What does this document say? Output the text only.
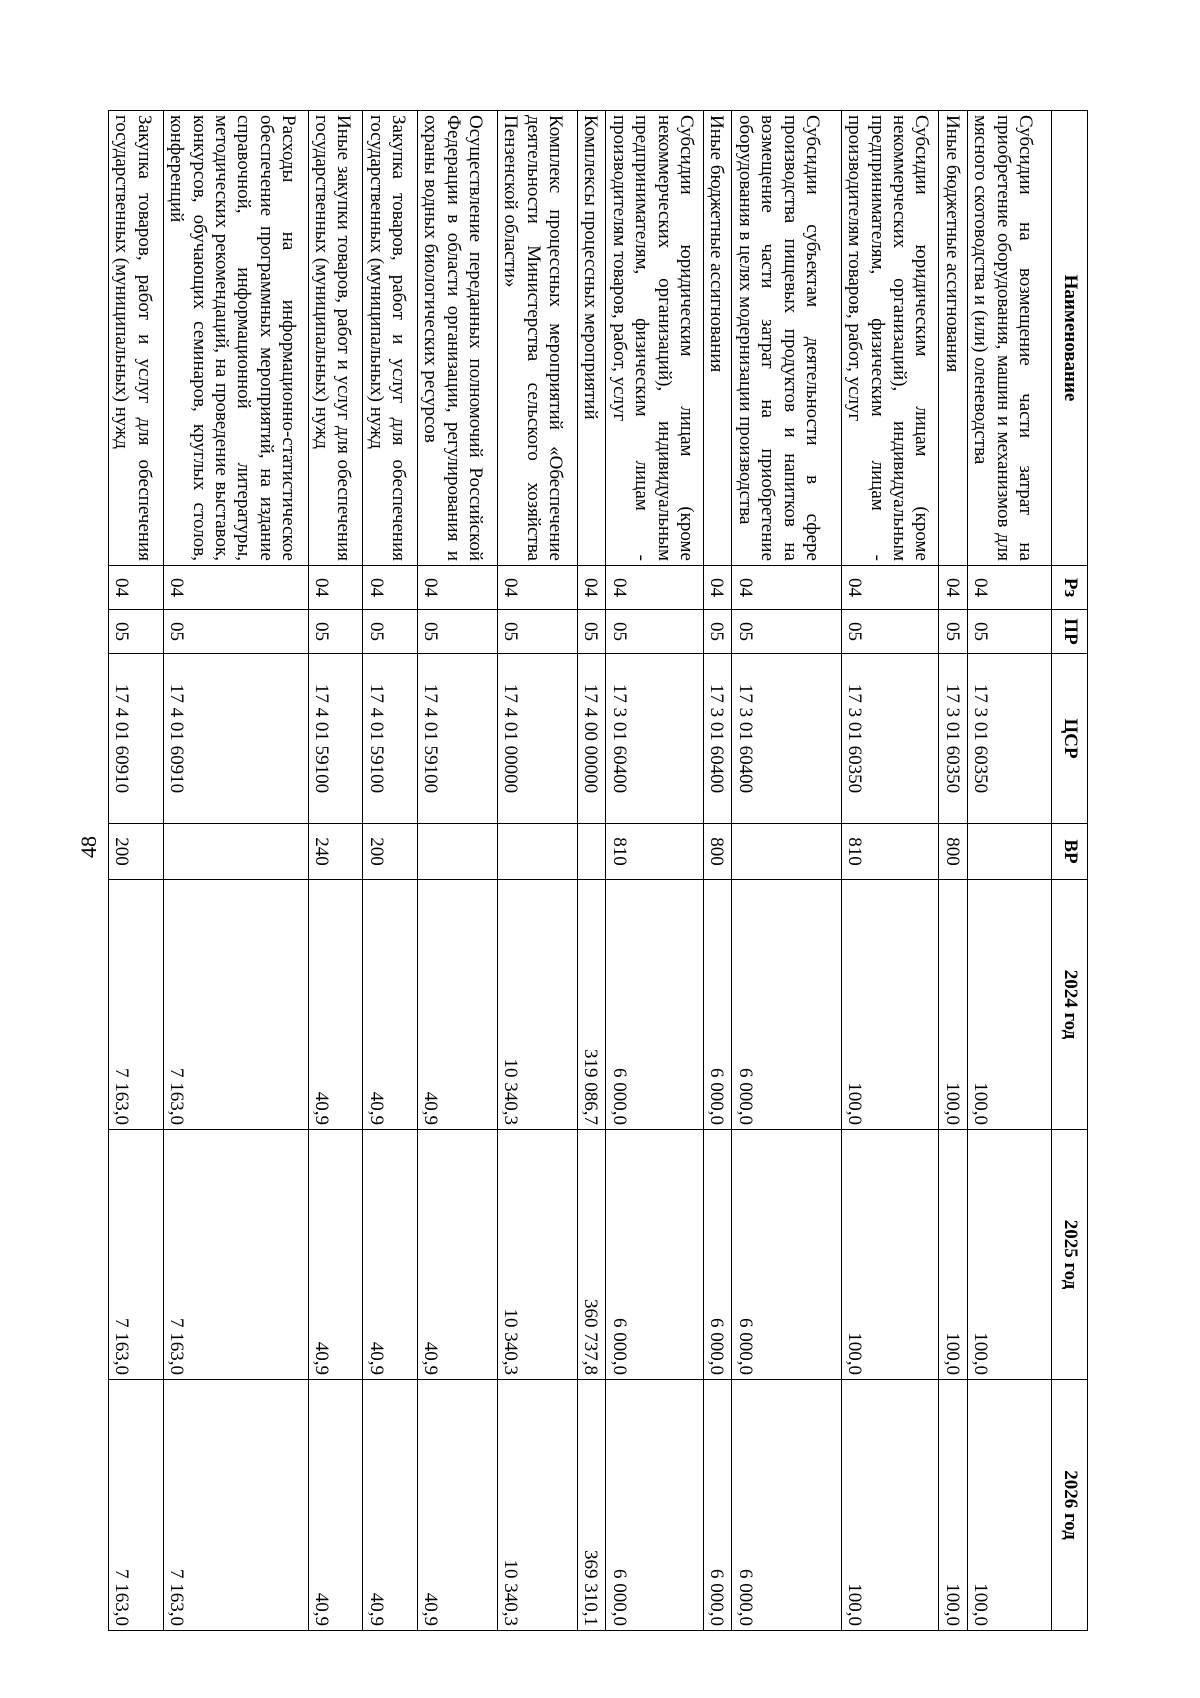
48
Наименование	Рз	ПР	ЦСР	ВР	2024 год	2025 год	2026 год
Субсидии на возмещение части затрат на приобретение оборудования, машин и механизмов для мясного скотоводства и (или) оленеводства	04	05	17 3 01 60350		100,0	100,0	100,0
Иные бюджетные ассигнования	04	05	17 3 01 60350	800	100,0	100,0	100,0
Субсидии юридическим лицам (кроме некоммерческих организаций), индивидуальным предпринимателям, физическим лицам - производителям товаров, работ, услуг	04	05	17 3 01 60350	810	100,0	100,0	100,0
Субсидии субъектам деятельности в сфере производства пищевых продуктов и напитков на возмещение части затрат на приобретение оборудования в целях модернизации производства	04	05	17 3 01 60400		6 000,0	6 000,0	6 000,0
Иные бюджетные ассигнования	04	05	17 3 01 60400	800	6 000,0	6 000,0	6 000,0
Субсидии юридическим лицам (кроме некоммерческих организаций), индивидуальным предпринимателям, физическим лицам - производителям товаров, работ, услуг	04	05	17 3 01 60400	810	6 000,0	6 000,0	6 000,0
Комплексы процессных мероприятий	04	05	17 4 00 00000		319 086,7	360 737,8	369 310,1
Комплекс процессных мероприятий «Обеспечение деятельности Министерства сельского хозяйства Пензенской области»	04	05	17 4 01 00000		10 340,3	10 340,3	10 340,3
Осуществление переданных полномочий Российской Федерации в области организации, регулирования и охраны водных биологических ресурсов	04	05	17 4 01 59100		40,9	40,9	40,9
Закупка товаров, работ и услуг для обеспечения государственных (муниципальных) нужд	04	05	17 4 01 59100	200	40,9	40,9	40,9
Иные закупки товаров, работ и услуг для обеспечения государственных (муниципальных) нужд	04	05	17 4 01 59100	240	40,9	40,9	40,9
Расходы на информационно-статистическое обеспечение программных мероприятий, на издание справочной, информационной литературы, методических рекомендаций, на проведение выставок, конкурсов, обучающих семинаров, круглых столов, конференций	04	05	17 4 01 60910		7 163,0	7 163,0	7 163,0
Закупка товаров, работ и услуг для обеспечения государственных (муниципальных) нужд	04	05	17 4 01 60910	200	7 163,0	7 163,0	7 163,0
